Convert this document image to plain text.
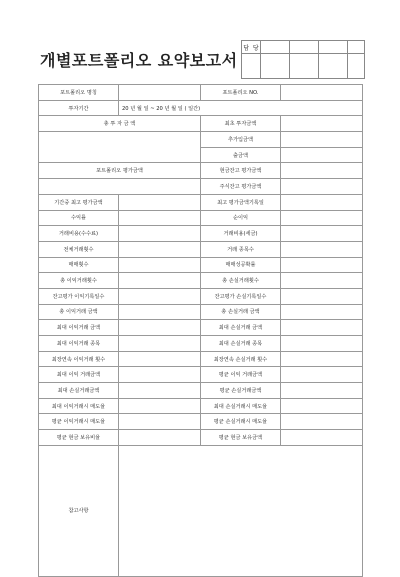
개별포트폴리오 요약보고서
담 당				

포트폴리오 명칭		포트폴리오 NO.	
투자기간	20 년 월 일 ~ 20 년 월 일 ( 일간)		
총 투 자 금 액		최초 투자금액	
		추가입금액	
		출금액	
포트폴리오 평가금액		현금잔고 평가금액	
		주식잔고 평가금액	
기간중 최고 평가금액		최고 평가금액기록일	
수익률		순이익	
거래비용(수수료)		거래비용(세금)	
전체거래횟수		거래 종목수	
매매횟수		매매성공확률	
총 이익거래횟수		총 손실거래횟수	
잔고평가 이익기록일수		잔고평가 손실기록일수	
총 이익거래 금액		총 손실거래 금액	
최대 이익거래 금액		최대 손실거래 금액	
최대 이익거래 종목		최대 손실거래 종목	
최장연속 이익거래 횟수		최장연속 손실거래 횟수	
최대 이익 거래금액		평균 이익 거래금액	
최대 손실거래금액		평균 손실거래금액	
최대 이익거래시 매도율		최대 손실거래시 매도율	
평균 이익거래시 매도율		평균 손실거래시 매도율	
평균 현금 보유비율		평균 현금 보유금액	
참고사항			
